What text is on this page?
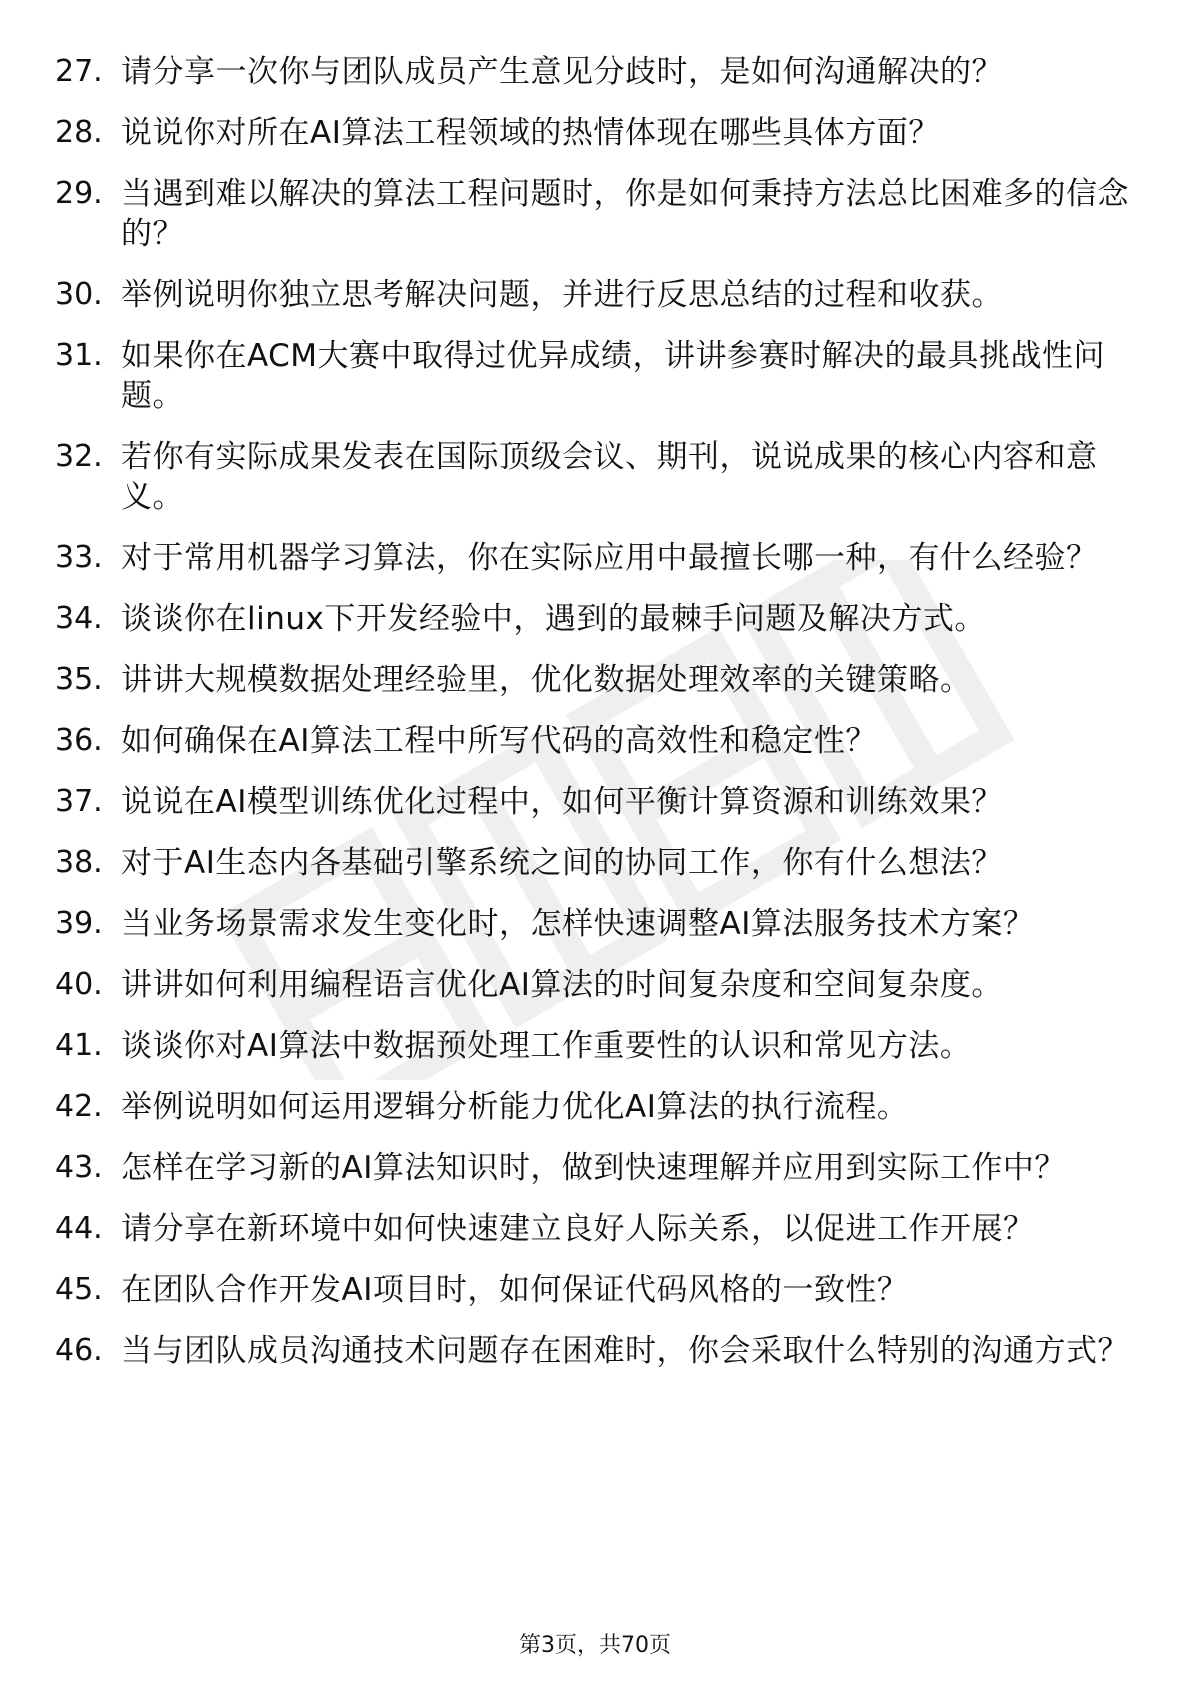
27. 请分享一次你与团队成员产生意见分歧时，是如何沟通解决的？
28. 说说你对所在AI算法工程领域的热情体现在哪些具体方面？
29. 当遇到难以解决的算法工程问题时，你是如何秉持方法总比困难多的信念的？
30. 举例说明你独立思考解决问题，并进行反思总结的过程和收获。
31. 如果你在ACM大赛中取得过优异成绩，讲讲参赛时解决的最具挑战性问题。
32. 若你有实际成果发表在国际顶级会议、期刊，说说成果的核心内容和意义。
33. 对于常用机器学习算法，你在实际应用中最擅长哪一种，有什么经验？
34. 谈谈你在linux下开发经验中，遇到的最棘手问题及解决方式。
35. 讲讲大规模数据处理经验里，优化数据处理效率的关键策略。
36. 如何确保在AI算法工程中所写代码的高效性和稳定性？
37. 说说在AI模型训练优化过程中，如何平衡计算资源和训练效果？
38. 对于AI生态内各基础引擎系统之间的协同工作，你有什么想法？
39. 当业务场景需求发生变化时，怎样快速调整AI算法服务技术方案？
40. 讲讲如何利用编程语言优化AI算法的时间复杂度和空间复杂度。
41. 谈谈你对AI算法中数据预处理工作重要性的认识和常见方法。
42. 举例说明如何运用逻辑分析能力优化AI算法的执行流程。
43. 怎样在学习新的AI算法知识时，做到快速理解并应用到实际工作中？
44. 请分享在新环境中如何快速建立良好人际关系，以促进工作开展？
45. 在团队合作开发AI项目时，如何保证代码风格的一致性？
46. 当与团队成员沟通技术问题存在困难时，你会采取什么特别的沟通方式？
第3页，共70页
